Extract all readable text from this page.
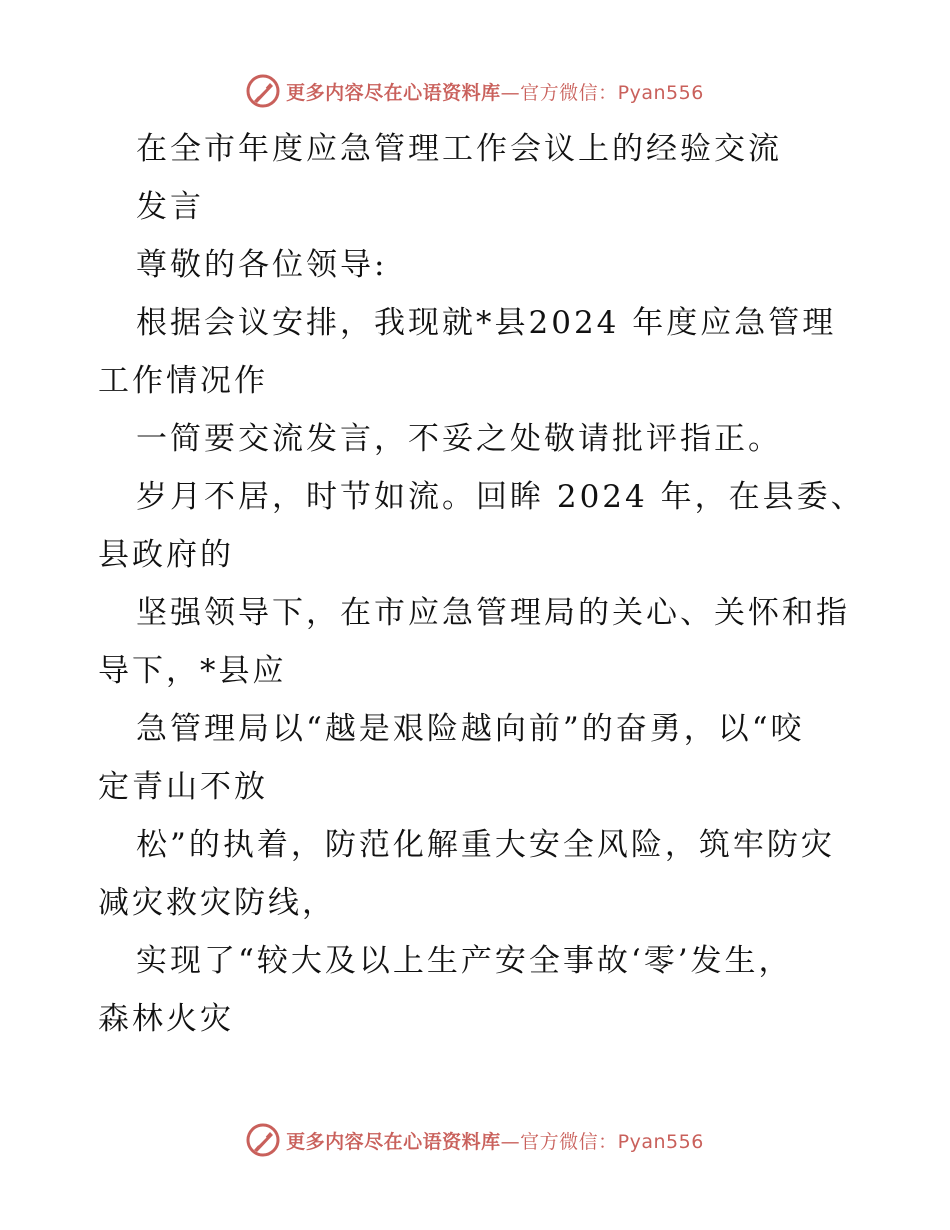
更多内容尽在心语资料库—官方微信：Pyan556
在全市年度应急管理工作会议上的经验交流
发言
尊敬的各位领导:
根据会议安排，我现就*县2024 年度应急管理
工作情况作
一简要交流发言，不妥之处敬请批评指正。
岁月不居，时节如流。回眸 2024 年，在县委、
县政府的
坚强领导下，在市应急管理局的关心、关怀和指
导下，*县应
急管理局以“越是艰险越向前”的奋勇，以“咬
定青山不放
松”的执着，防范化解重大安全风险，筑牢防灾
减灾救灾防线，
实现了“较大及以上生产安全事故‘零’发生，
森林火灾
更多内容尽在心语资料库—官方微信：Pyan556
